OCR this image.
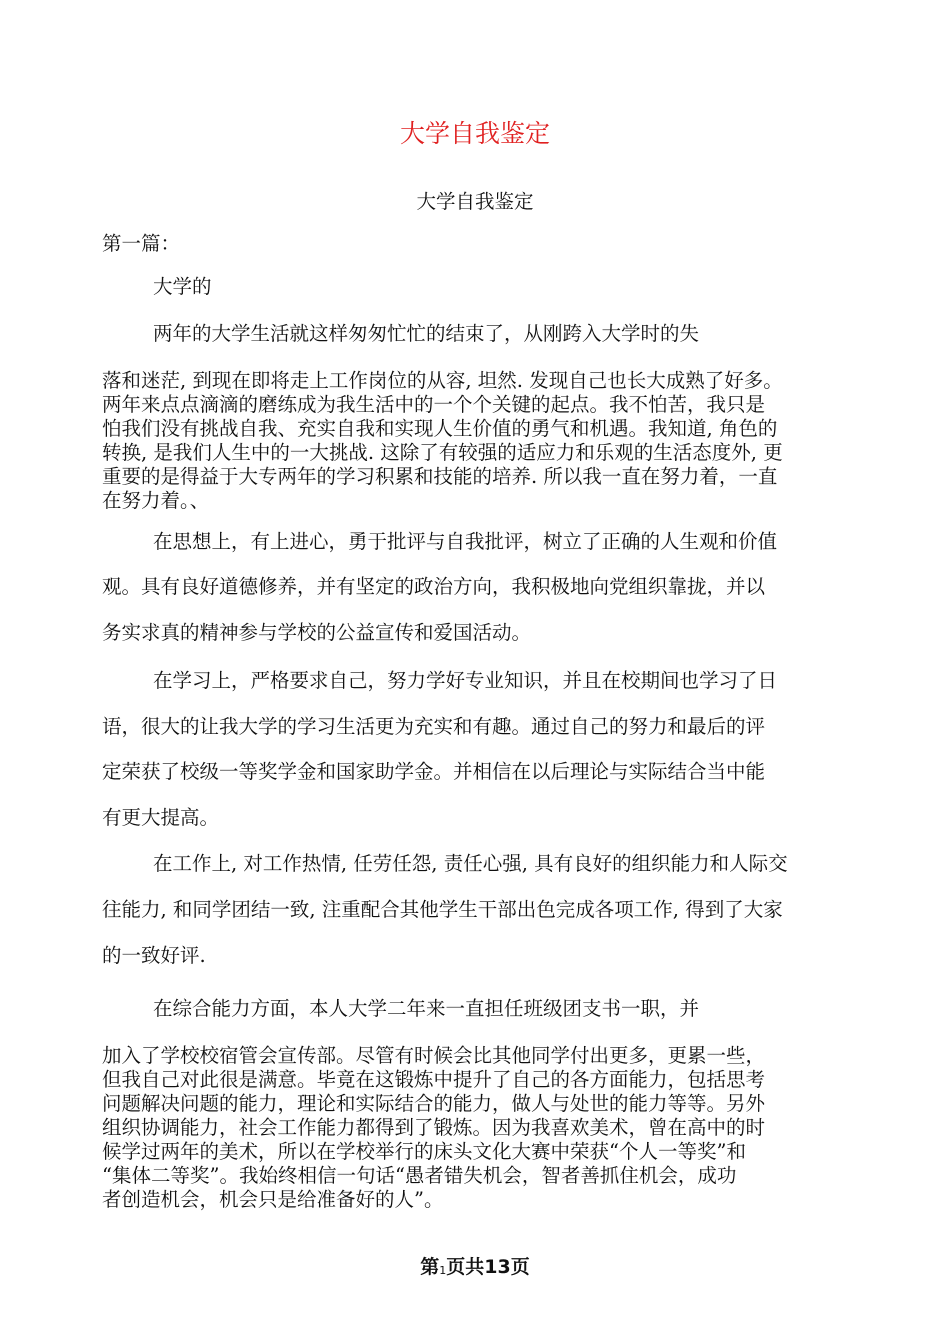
大学自我鉴定
大学自我鉴定

第一篇：

大学的

两年的大学生活就这样匆匆忙忙的结束了，从刚跨入大学时的失

落和迷茫, 到现在即将走上工作岗位的从容, 坦然. 发现自己也长大成熟了好多。

两年来点点滴滴的磨练成为我生活中的一个个关键的起点。我不怕苦，我只是

怕我们没有挑战自我、充实自我和实现人生价值的勇气和机遇。我知道, 角色的

转换, 是我们人生中的一大挑战. 这除了有较强的适应力和乐观的生活态度外, 更

重要的是得益于大专两年的学习积累和技能的培养. 所以我一直在努力着，一直

在努力着。、

在思想上，有上进心，勇于批评与自我批评，树立了正确的人生观和价值

观。具有良好道德修养，并有坚定的政治方向，我积极地向党组织靠拢，并以

务实求真的精神参与学校的公益宣传和爱国活动。

在学习上，严格要求自己，努力学好专业知识，并且在校期间也学习了日

语，很大的让我大学的学习生活更为充实和有趣。通过自己的努力和最后的评

定荣获了校级一等奖学金和国家助学金。并相信在以后理论与实际结合当中能

有更大提高。

在工作上, 对工作热情, 任劳任怨, 责任心强, 具有良好的组织能力和人际交

往能力, 和同学团结一致, 注重配合其他学生干部出色完成各项工作, 得到了大家

的一致好评.

在综合能力方面，本人大学二年来一直担任班级团支书一职，并

加入了学校校宿管会宣传部。尽管有时候会比其他同学付出更多，更累一些，

但我自己对此很是满意。毕竟在这锻炼中提升了自己的各方面能力，包括思考

问题解决问题的能力，理论和实际结合的能力，做人与处世的能力等等。另外

组织协调能力，社会工作能力都得到了锻炼。因为我喜欢美术，曾在高中的时

候学过两年的美术，所以在学校举行的床头文化大赛中荣获“个人一等奖”和

“集体二等奖”。我始终相信一句话“愚者错失机会，智者善抓住机会，成功

者创造机会，机会只是给准备好的人”。

第1页共13页
